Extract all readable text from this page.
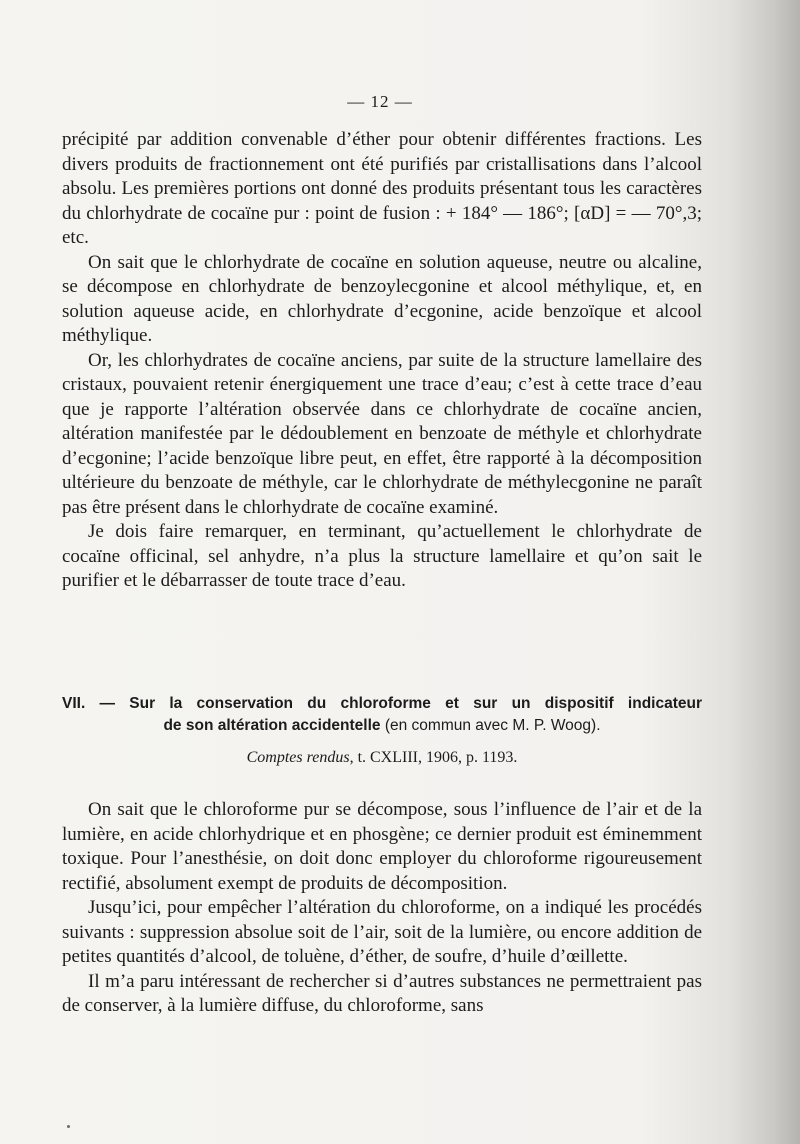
— 12 —

précipité par addition convenable d’éther pour obtenir différentes fractions. Les divers produits de fractionnement ont été purifiés par cristallisations dans l’alcool absolu. Les premières portions ont donné des produits présentant tous les caractères du chlorhydrate de cocaïne pur : point de fusion : + 184° — 186°; [αD] = — 70°,3; etc.

On sait que le chlorhydrate de cocaïne en solution aqueuse, neutre ou alcaline, se décompose en chlorhydrate de benzoylecgonine et alcool méthylique, et, en solution aqueuse acide, en chlorhydrate d’ecgonine, acide benzoïque et alcool méthylique.

Or, les chlorhydrates de cocaïne anciens, par suite de la structure lamellaire des cristaux, pouvaient retenir énergiquement une trace d’eau; c’est à cette trace d’eau que je rapporte l’altération observée dans ce chlorhydrate de cocaïne ancien, altération manifestée par le dédoublement en benzoate de méthyle et chlorhydrate d’ecgonine; l’acide benzoïque libre peut, en effet, être rapporté à la décomposition ultérieure du benzoate de méthyle, car le chlorhydrate de méthylecgonine ne paraît pas être présent dans le chlorhydrate de cocaïne examiné.

Je dois faire remarquer, en terminant, qu’actuellement le chlorhydrate de cocaïne officinal, sel anhydre, n’a plus la structure lamellaire et qu’on sait le purifier et le débarrasser de toute trace d’eau.

VII. — Sur la conservation du chloroforme et sur un dispositif indicateur
de son altération accidentelle (en commun avec M. P. Woog).
Comptes rendus, t. CXLIII, 1906, p. 1193.

On sait que le chloroforme pur se décompose, sous l’influence de l’air et de la lumière, en acide chlorhydrique et en phosgène; ce dernier produit est éminemment toxique. Pour l’anesthésie, on doit donc employer du chloroforme rigoureusement rectifié, absolument exempt de produits de décomposition.

Jusqu’ici, pour empêcher l’altération du chloroforme, on a indiqué les procédés suivants : suppression absolue soit de l’air, soit de la lumière, ou encore addition de petites quantités d’alcool, de toluène, d’éther, de soufre, d’huile d’œillette.

Il m’a paru intéressant de rechercher si d’autres substances ne permettraient pas de conserver, à la lumière diffuse, du chloroforme, sans
